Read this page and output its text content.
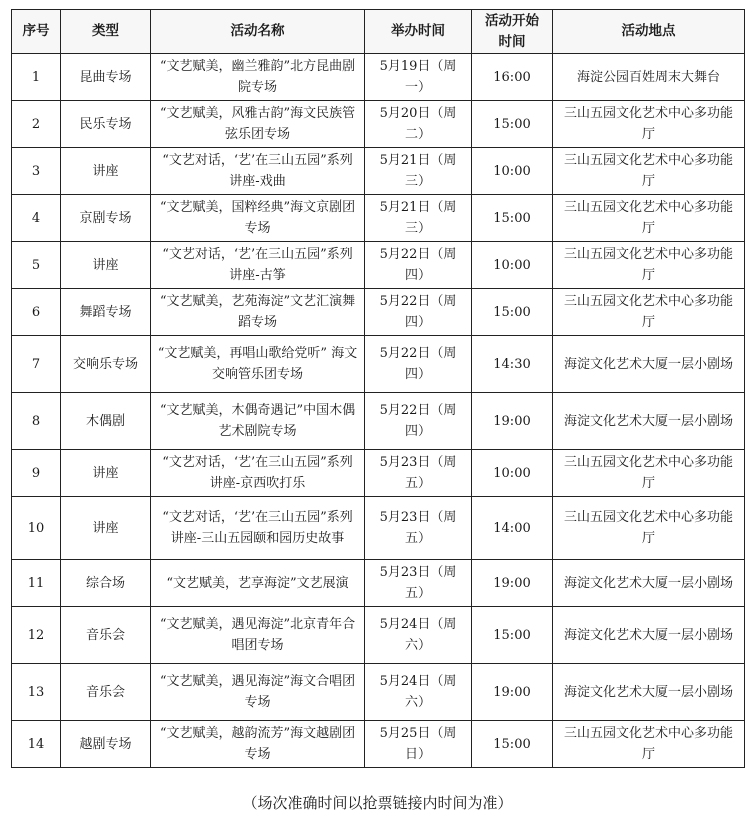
序号	类型	活动名称	举办时间	活动开始时间	活动地点
1	昆曲专场	“文艺赋美，幽兰雅韵”北方昆曲剧院专场	5月19日（周一）	16:00	海淀公园百姓周末大舞台
2	民乐专场	“文艺赋美，风雅古韵”海文民族管弦乐团专场	5月20日（周二）	15:00	三山五园文化艺术中心多功能厅
3	讲座	“文艺对话，‘艺’在三山五园”系列讲座-戏曲	5月21日（周三）	10:00	三山五园文化艺术中心多功能厅
4	京剧专场	“文艺赋美，国粹经典”海文京剧团专场	5月21日（周三）	15:00	三山五园文化艺术中心多功能厅
5	讲座	“文艺对话，‘艺’在三山五园”系列讲座-古筝	5月22日（周四）	10:00	三山五园文化艺术中心多功能厅
6	舞蹈专场	“文艺赋美，艺苑海淀”文艺汇演舞蹈专场	5月22日（周四）	15:00	三山五园文化艺术中心多功能厅
7	交响乐专场	“文艺赋美，再唱山歌给党听” 海文交响管乐团专场	5月22日（周四）	14:30	海淀文化艺术大厦一层小剧场
8	木偶剧	“文艺赋美，木偶奇遇记”中国木偶艺术剧院专场	5月22日（周四）	19:00	海淀文化艺术大厦一层小剧场
9	讲座	“文艺对话，‘艺’在三山五园”系列讲座-京西吹打乐	5月23日（周五）	10:00	三山五园文化艺术中心多功能厅
10	讲座	“文艺对话，‘艺’在三山五园”系列讲座-三山五园颐和园历史故事	5月23日（周五）	14:00	三山五园文化艺术中心多功能厅
11	综合场	“文艺赋美，艺享海淀”文艺展演	5月23日（周五）	19:00	海淀文化艺术大厦一层小剧场
12	音乐会	“文艺赋美，遇见海淀”北京青年合唱团专场	5月24日（周六）	15:00	海淀文化艺术大厦一层小剧场
13	音乐会	“文艺赋美，遇见海淀”海文合唱团专场	5月24日（周六）	19:00	海淀文化艺术大厦一层小剧场
14	越剧专场	“文艺赋美，越韵流芳”海文越剧团专场	5月25日（周日）	15:00	三山五园文化艺术中心多功能厅
（场次准确时间以抢票链接内时间为准）
